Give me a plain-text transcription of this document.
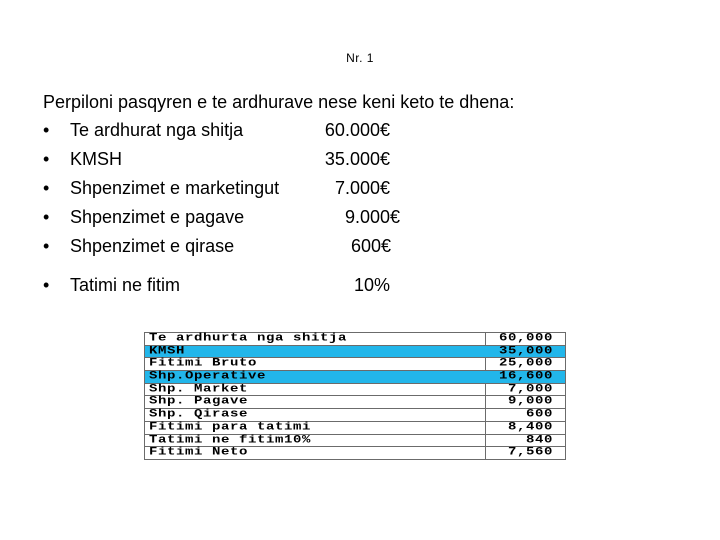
Nr. 1
Perpiloni pasqyren e te ardhurave nese keni keto te dhena:
• Te ardhurat nga shitja	60.000€
• KMSH	35.000€
• Shpenzimet e marketingut	7.000€
• Shpenzimet e pagave	9.000€
• Shpenzimet e qirase	600€
• Tatimi ne fitim	10%
Te ardhurta nga shitja	60,000
KMSH	35,000
Fitimi Bruto	25,000
Shp.Operative	16,600
Shp. Market	7,000
Shp. Pagave	9,000
Shp. Qirase	600
Fitimi para tatimi	8,400
Tatimi ne fitim10%	840
Fitimi Neto	7,560
